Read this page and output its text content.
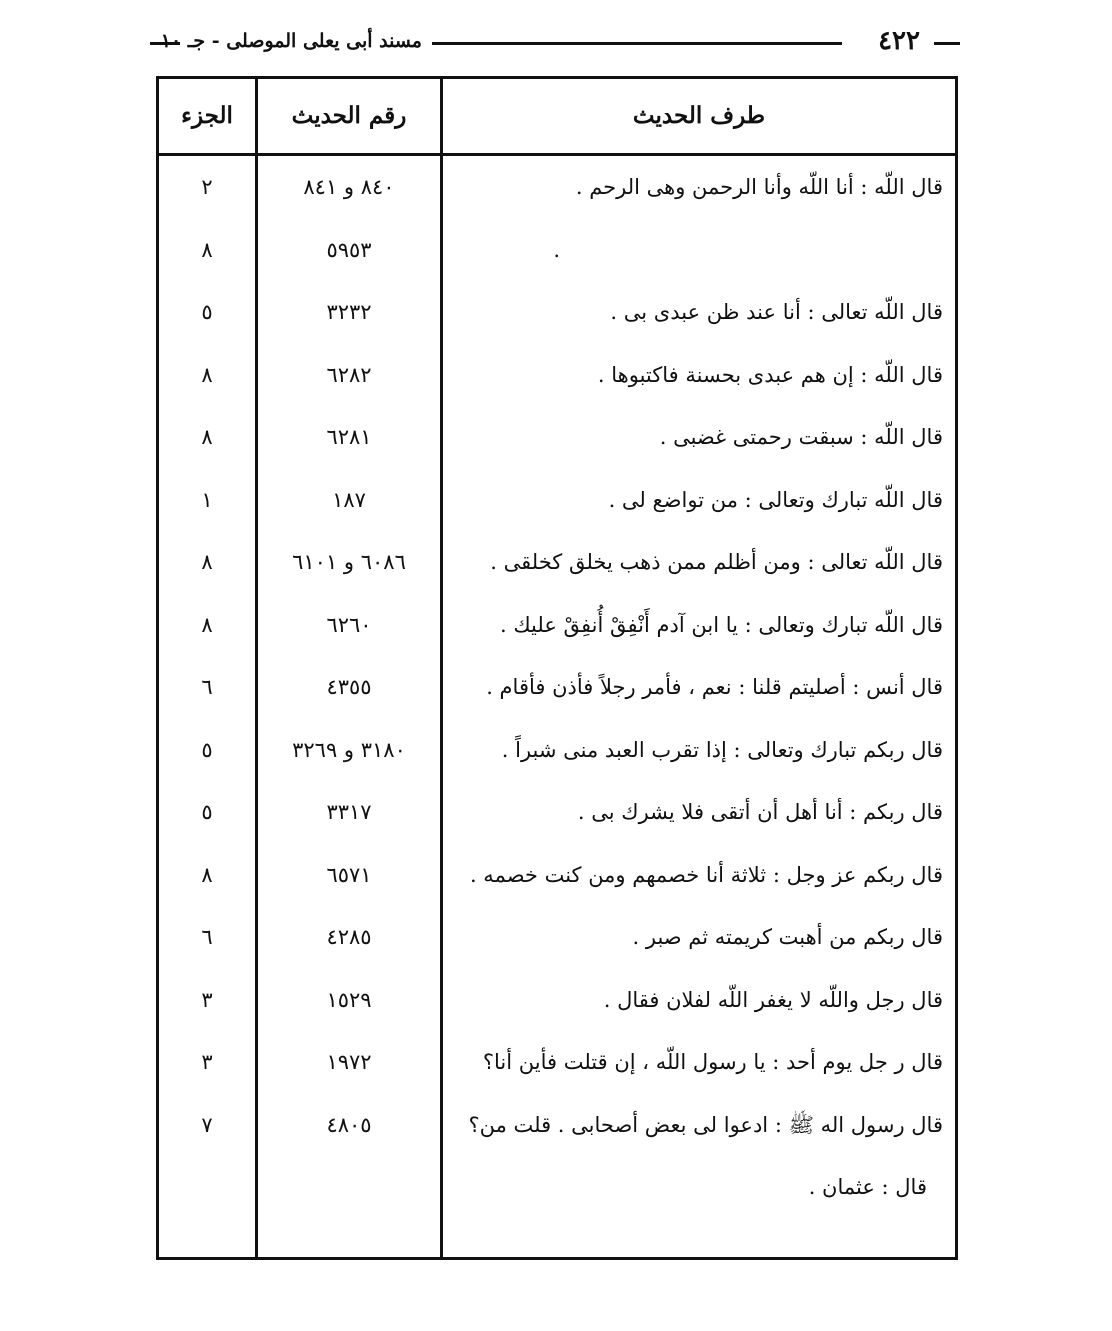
٤٢٢
مسند أبى يعلى الموصلى - جـ ١٠
طرف الحديث
رقم الحديث
الجزء
قال اللّه : أنا اللّه وأنا الرحمن وهى الرحم .
٨٤٠ و ٨٤١
٢
.
٥٩٥٣
٨
قال اللّه تعالى : أنا عند ظن عبدى بى .
٣٢٣٢
٥
قال اللّه : إن هم عبدى بحسنة فاكتبوها .
٦٢٨٢
٨
قال اللّه : سبقت رحمتى غضبى .
٦٢٨١
٨
قال اللّه تبارك وتعالى : من تواضع لى .
١٨٧
١
قال اللّه تعالى : ومن أظلم ممن ذهب يخلق كخلقى .
٦٠٨٦ و ٦١٠١
٨
قال اللّه تبارك وتعالى : يا ابن آدم أَنْفِقْ أُنفِقْ عليك .
٦٢٦٠
٨
قال أنس : أصليتم قلنا : نعم ، فأمر رجلاً فأذن فأقام .
٤٣٥٥
٦
قال ربكم تبارك وتعالى : إذا تقرب العبد منى شبراً .
٣١٨٠ و ٣٢٦٩
٥
قال ربكم : أنا أهل أن أتقى فلا يشرك بى .
٣٣١٧
٥
قال ربكم عز وجل : ثلاثة أنا خصمهم ومن كنت خصمه .
٦٥٧١
٨
قال ربكم من أهبت كريمته ثم صبر .
٤٢٨٥
٦
قال رجل واللّه لا يغفر اللّه لفلان فقال .
١٥٢٩
٣
قال ر جل يوم أحد : يا رسول اللّه ، إن قتلت فأين أنا؟
١٩٧٢
٣
قال رسول اله ﷺ : ادعوا لى بعض أصحابى . قلت من؟
٤٨٠٥
٧
قال : عثمان .
